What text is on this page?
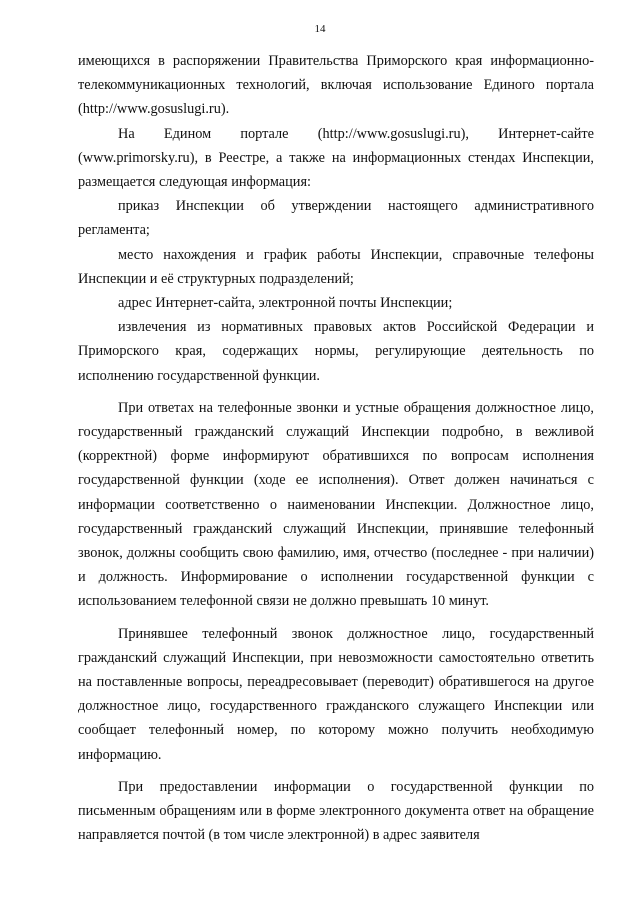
14

имеющихся в распоряжении Правительства Приморского края информационно-телекоммуникационных технологий, включая использование Единого портала (http://www.gosuslugi.ru).

На Едином портале (http://www.gosuslugi.ru), Интернет-сайте (www.primorsky.ru), в Реестре, а также на информационных стендах Инспекции, размещается следующая информация:

приказ Инспекции об утверждении настоящего административного регламента;

место нахождения и график работы Инспекции, справочные телефоны Инспекции и её структурных подразделений;

адрес Интернет-сайта, электронной почты Инспекции;

извлечения из нормативных правовых актов Российской Федерации и Приморского края, содержащих нормы, регулирующие деятельность по исполнению государственной функции.

При ответах на телефонные звонки и устные обращения должностное лицо, государственный гражданский служащий Инспекции подробно, в вежливой (корректной) форме информируют обратившихся по вопросам исполнения государственной функции (ходе ее исполнения). Ответ должен начинаться с информации соответственно о наименовании Инспекции. Должностное лицо, государственный гражданский служащий Инспекции, принявшие телефонный звонок, должны сообщить свою фамилию, имя, отчество (последнее - при наличии) и должность. Информирование о исполнении государственной функции с использованием телефонной связи не должно превышать 10 минут.

Принявшее телефонный звонок должностное лицо, государственный гражданский служащий Инспекции, при невозможности самостоятельно ответить на поставленные вопросы, переадресовывает (переводит) обратившегося на другое должностное лицо, государственного гражданского служащего Инспекции или сообщает телефонный номер, по которому можно получить необходимую информацию.

При предоставлении информации о государственной функции по письменным обращениям или в форме электронного документа ответ на обращение направляется почтой (в том числе электронной) в адрес заявителя
